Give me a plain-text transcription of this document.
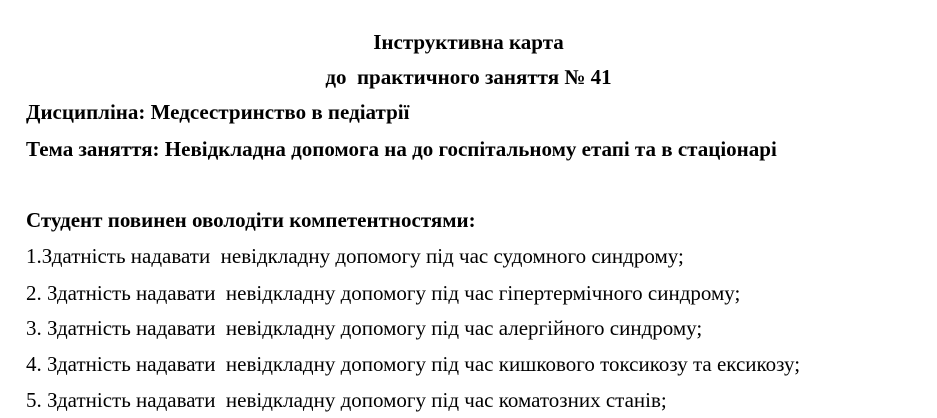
Інструктивна карта
до  практичного заняття № 41
Дисципліна: Медсестринство в педіатрії
Тема заняття: Невідкладна допомога на до госпітальному етапі та в стаціонарі
Студент повинен оволодіти компетентностями:
1.Здатність надавати  невідкладну допомогу під час судомного синдрому;
2. Здатність надавати  невідкладну допомогу під час гіпертермічного синдрому;
3. Здатність надавати  невідкладну допомогу під час алергійного синдрому;
4. Здатність надавати  невідкладну допомогу під час кишкового токсикозу та ексикозу;
5. Здатність надавати  невідкладну допомогу під час коматозних станів;
